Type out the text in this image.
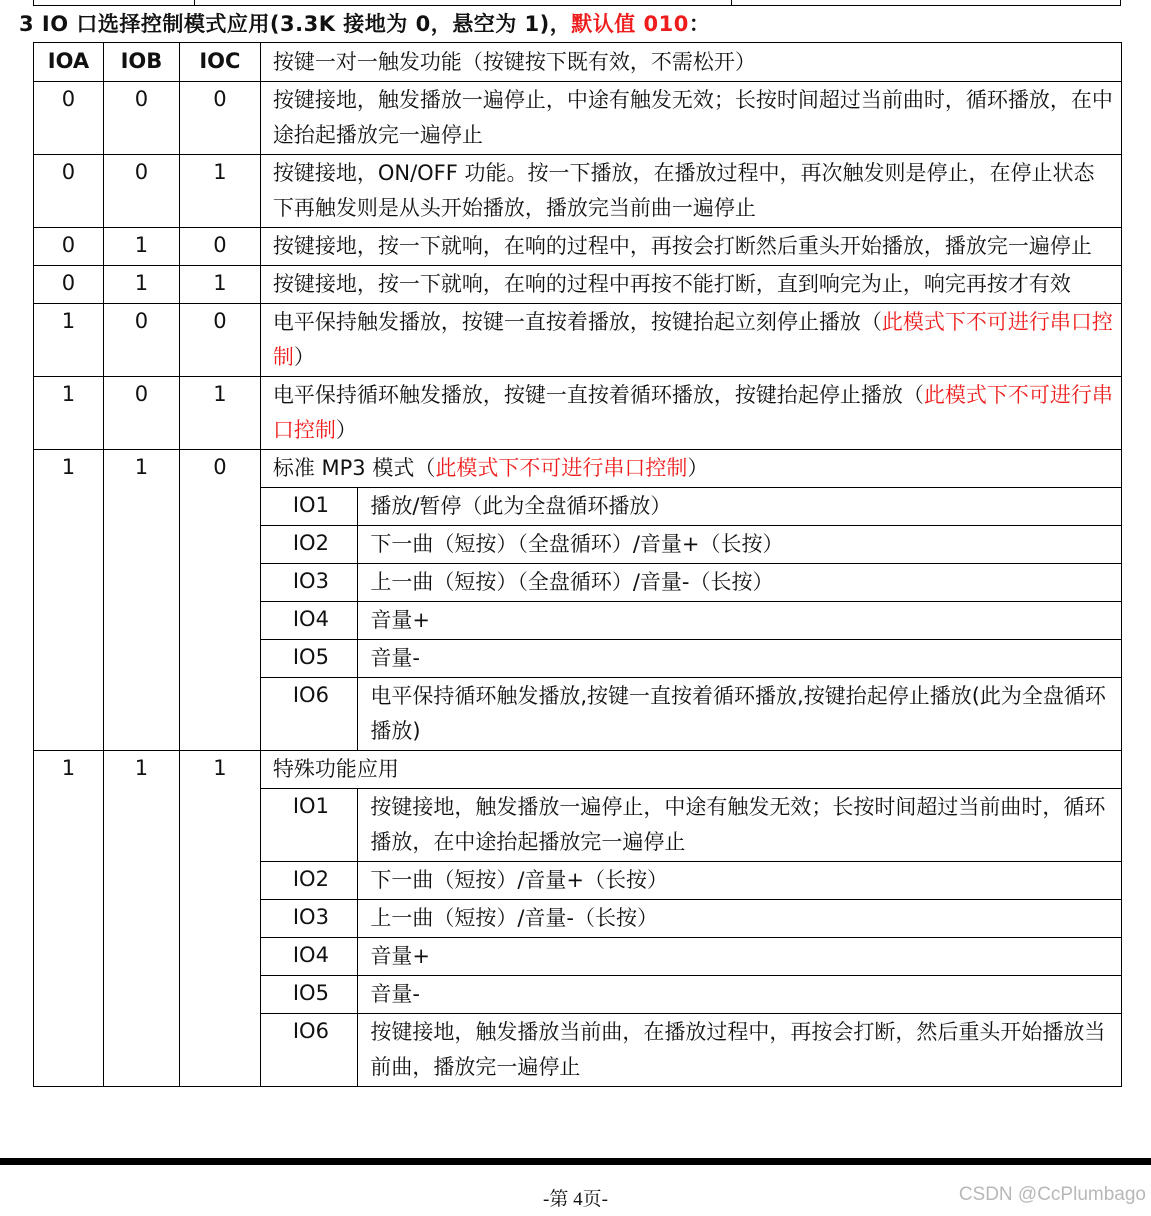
3 IO 口选择控制模式应用(3.3K 接地为 0，悬空为 1)，默认值 010：
IOA	IOB	IOC	按键一对一触发功能（按键按下既有效，不需松开）
0	0	0	按键接地，触发播放一遍停止，中途有触发无效；长按时间超过当前曲时，循环播放，在中途抬起播放完一遍停止
0	0	1	按键接地，ON/OFF 功能。按一下播放，在播放过程中，再次触发则是停止，在停止状态下再触发则是从头开始播放，播放完当前曲一遍停止
0	1	0	按键接地，按一下就响，在响的过程中，再按会打断然后重头开始播放，播放完一遍停止
0	1	1	按键接地，按一下就响，在响的过程中再按不能打断，直到响完为止，响完再按才有效
1	0	0	电平保持触发播放，按键一直按着播放，按键抬起立刻停止播放（此模式下不可进行串口控制）
1	0	1	电平保持循环触发播放，按键一直按着循环播放，按键抬起停止播放（此模式下不可进行串口控制）
1	1	0	标准 MP3 模式（此模式下不可进行串口控制）
IO1	播放/暂停（此为全盘循环播放）
IO2	下一曲（短按）（全盘循环）/音量+（长按）
IO3	上一曲（短按）（全盘循环）/音量-（长按）
IO4	音量+
IO5	音量-
IO6	电平保持循环触发播放,按键一直按着循环播放,按键抬起停止播放(此为全盘循环播放)

1	1	1	特殊功能应用
IO1	按键接地，触发播放一遍停止，中途有触发无效；长按时间超过当前曲时，循环播放，在中途抬起播放完一遍停止
IO2	下一曲（短按）/音量+（长按）
IO3	上一曲（短按）/音量-（长按）
IO4	音量+
IO5	音量-
IO6	按键接地，触发播放当前曲，在播放过程中，再按会打断，然后重头开始播放当前曲，播放完一遍停止
-第 4页-	CSDN @CcPlumbago
